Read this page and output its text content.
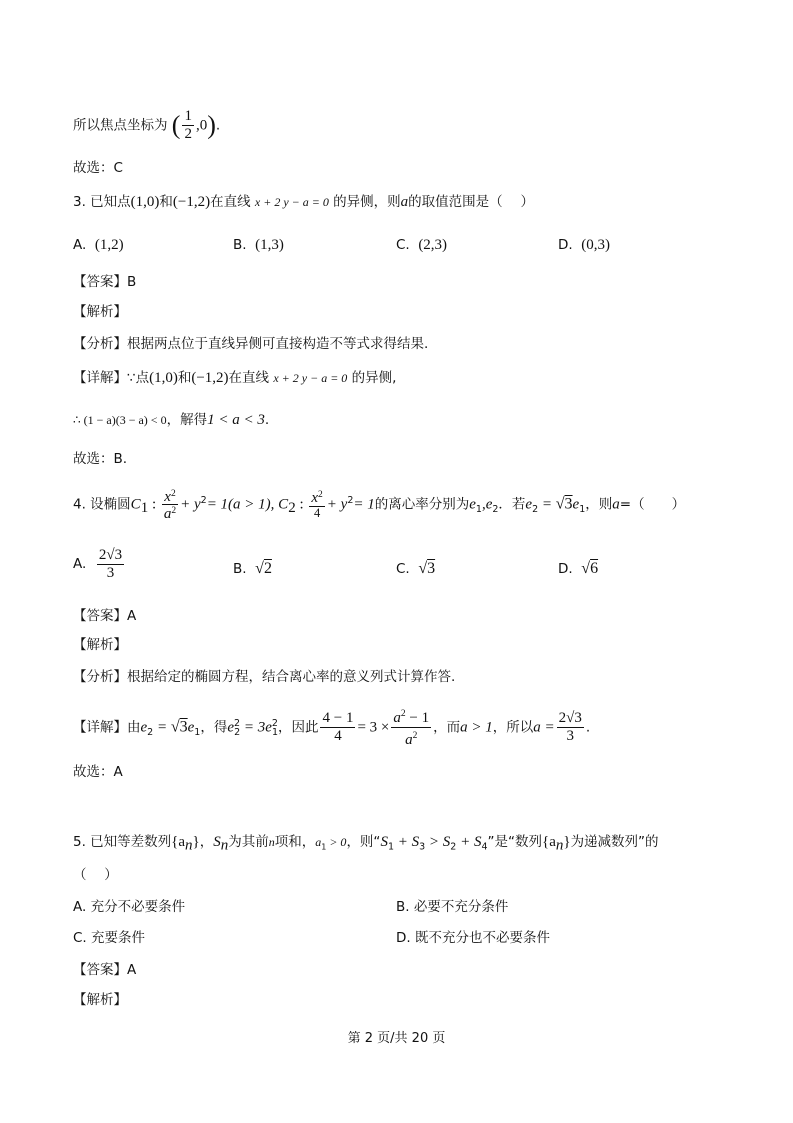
所以焦点坐标为 ( $\frac{1}{2} ,0$).
故选：C
3. 已知点(1,0)和(−1,2)在直线 x + 2 y − a = 0 的异侧，则a的取值范围是（　 ）
A. (1,2)	B. (1,3)	C. (2,3)	D. (0,3)
【答案】B
【解析】
【分析】根据两点位于直线异侧可直接构造不等式求得结果.
【详解】∵点(1,0)和(−1,2)在直线 x + 2 y − a = 0 的异侧,
∴ (1 − a)(3 − a) < 0，解得1 < a < 3.
故选：B.
4. 设椭圆$C_1$ : $\frac{x^2}{a^2} + y^2= 1(a > 1)$, $C_2$ : $\frac{x^2}{4} + y^2= 1$的离心率分别为$e_1,e_2$．若$e_2 = √3e_1$，则a=（　　）
A. $\frac{2√3}{3}$	B. √2	C. √3	D. √6
【答案】A
【解析】
【分析】根据给定的椭圆方程，结合离心率的意义列式计算作答.
【详解】由$e_2 = √3e_1$，得$e^2_2 = 3e^2_1$，因此 $\frac{4 - 1}{4} = 3 \times \frac{a^2 - 1}{a^2}$ ，而a > 1，所以$a = \frac{2√3}{3}$ .
故选：A
5. 已知等差数列$\{a_n\}$，$S_n$为其前n项和，$a_1 > 0$，则“$S_1 + S_3 > S_2 + S_4$”是“数列$\{a_n\}$为递减数列”的
（　 ）
A. 充分不必要条件	B. 必要不充分条件
C. 充要条件	D. 既不充分也不必要条件
【答案】A
【解析】
第 2 页/共 20 页
